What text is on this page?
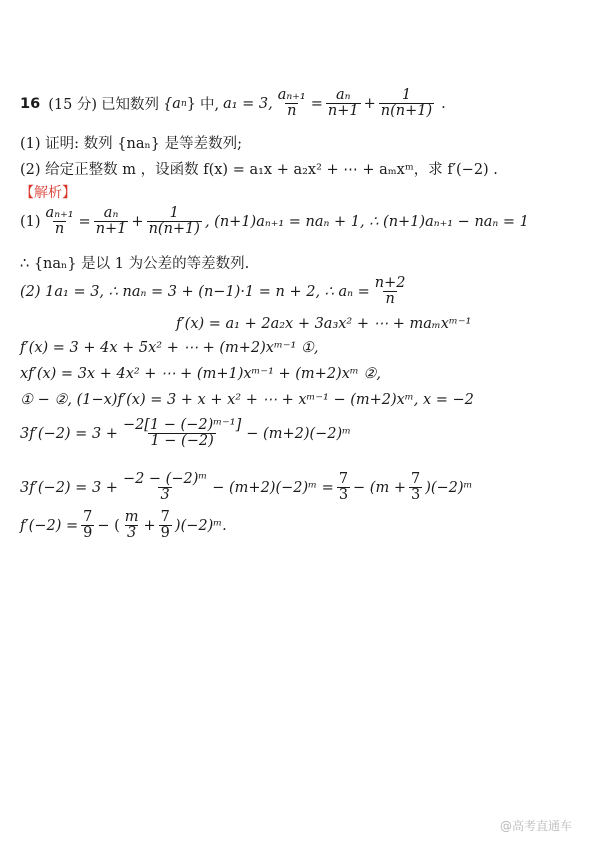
16 (15 分) 已知数列 {a n } 中, a₁ = 3, $\frac{\text{aₙ₊₁}}{n} = \frac{\text{aₙ}}{n+1} + \frac{1}{n(n+1)}$ .
(1) 证明: 数列 {naₙ} 是等差数列;
(2) 给定正整数 m ，设函数 f(x) = a₁x + a₂x² + ⋯ + aₘxᵐ，求 f′(−2) .
【解析】
$(1) \frac{\text{aₙ₊₁}}{n} = \frac{\text{aₙ}}{n+1} + \frac{1}{n(n+1)}$ , (n+1)aₙ₊₁ = naₙ + 1, ∴ (n+1)aₙ₊₁ − naₙ = 1
∴ {naₙ} 是以 1 为公差的等差数列.
(2) 1a₁ = 3, ∴ naₙ = 3 + (n−1)·1 = n + 2, ∴ $a_n = \frac{n+2}{n}$
f′(x) = a₁ + 2a₂x + 3a₃x² + ⋯ + maₘxᵐ⁻¹
f′(x) = 3 + 4x + 5x² + ⋯ + (m+2)xᵐ⁻¹ ①,
xf′(x) = 3x + 4x² + ⋯ + (m+1)xᵐ⁻¹ + (m+2)xᵐ ②,
① − ②, (1−x)f′(x) = 3 + x + x² + ⋯ + xᵐ⁻¹ − (m+2)xᵐ, x = −2
$3f'(-2) = 3 + \frac{\text{−2[1 − (−2)ᵐ⁻¹]}}{1 - (-2)}$ − (m+2)(−2)ᵐ
$3f'(-2) = 3 + \frac{\text{−2 − (−2)ᵐ}}{3}$ − (m+2)(−2)ᵐ = $\frac{7}{3} - (m + \frac{7}{3}$ )(−2)ᵐ
$f'(-2) = \frac{7}{9}$ − ( $\frac{m}{3} + \frac{7}{9}$ )(−2)ᵐ.
@高考直通车
